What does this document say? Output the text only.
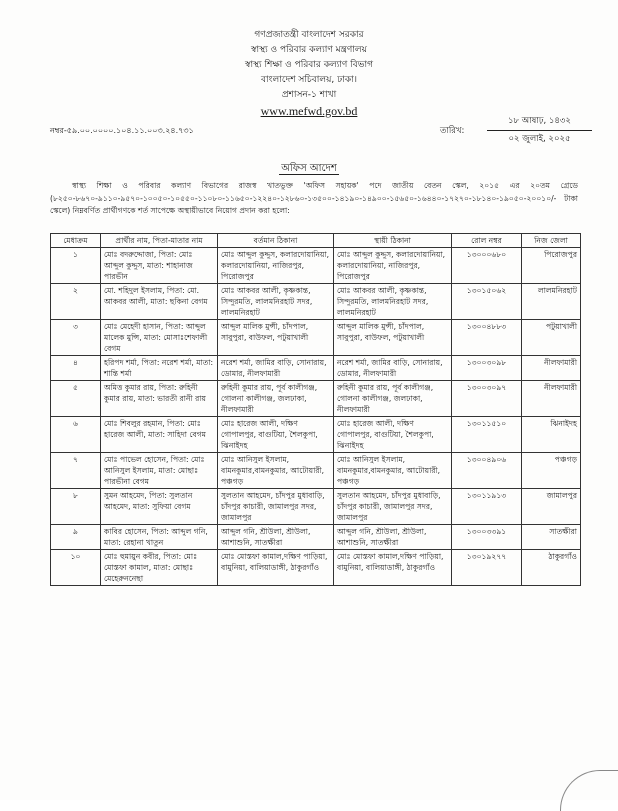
গণপ্রজাতন্ত্রী বাংলাদেশ সরকার
স্বাস্থ্য ও পরিবার কল্যাণ মন্ত্রণালয়
স্বাস্থ্য শিক্ষা ও পরিবার কল্যাণ বিভাগ
বাংলাদেশ সচিবালয়, ঢাকা।
প্রশাসন-১ শাখা
www.mefwd.gov.bd
নম্বর-৫৯.০০.০০০০.১০৪.১১.০০৩.২৪.৭৩১	তারিখ:
১৮ আষাঢ়, ১৪৩২
০২ জুলাই, ২০২৫
অফিস আদেশ
স্বাস্থ্য শিক্ষা ও পরিবার কল্যাণ বিভাগের রাজস্ব খাতভুক্ত 'অফিস সহায়ক' পদে জাতীয় বেতন স্কেল, ২০১৫ এর ২০তম গ্রেডে (৮২৫০-৮৬৭০-৯১১০-৯৫৭০-১০০৫০-১০৫৫০-১১০৮০-১১৬৫০-১২২৪০-১২৮৬০-১৩৫০০-১৪১৯০-১৪৯০০-১৫৬৫০-১৬৪৪০-১৭২৭০-১৮১৪০-১৯০৫০-২০০১০/- টাকা স্কেলে) নিম্নবর্ণিত প্রার্থীগণকে শর্ত সাপেক্ষে অস্থায়ীভাবে নিয়োগ প্রদান করা হলো:
মেধাক্রম	প্রার্থীর নাম, পিতা-মাতার নাম	বর্তমান ঠিকানা	স্থায়ী ঠিকানা	রোল নম্বর	নিজ জেলা
১	মোঃ বদরুদ্দোজা, পিতা: মোঃ আব্দুল কুদ্দুস, মাতা: শাহানাজ পারভীন	মোঃ আব্দুল কুদ্দুস, কলারদোয়ানিয়া, কলারদোয়ানিয়া, নাজিরপুর, পিরোজপুর	মোঃ আব্দুল কুদ্দুস, কলারদোয়ানিয়া, কলারদোয়ানিয়া, নাজিরপুর, পিরোজপুর	১৩০০০৬৮০	পিরোজপুর
২	মো. শহিদুল ইসলাম, পিতা: মো. আকবর আলী, মাতা: ছকিনা বেগম	মোঃ আকবর আলী, কৃষ্ণকান্ত, সিন্দুরমতি, লালমনিরহাট সদর, লালমনিরহাট	মোঃ আকবর আলী, কৃষ্ণকান্ত, সিন্দুরমতি, লালমনিরহাট সদর, লালমনিরহাট	১৩০১৫০৬২	লালমনিরহাট
৩	মোঃ মেহেদী হাসান, পিতা: আব্দুল মালেক মুন্সি, মাতা: মোসাঃশেফালী বেগম	আব্দুল মালিক মুন্সী, চাঁদপাল, সাবুপুরা, বাউফল, পটুয়াখালী	আব্দুল মালিক মুন্সী, চাঁদপাল, সাবুপুরা, বাউফল, পটুয়াখালী	১৩০০৪৮৮৩	পটুয়াখালী
৪	হরিপদ শর্মা, পিতা: নরেশ শর্মা, মাতা: শান্তি শর্মা	নরেশ শর্মা, জামির বাড়ি, সোনারায়, ডোমার, নীলফামারী	নরেশ শর্মা, জামির বাড়ি, সোনারায়, ডোমার, নীলফামারী	১৩০০৩০৯৮	নীলফামারী
৫	অমিত্ত কুমার রায়, পিতা: রুহিনী কুমার রায়, মাতা: ভারতী রানী রায়	রুহিনী কুমার রায়, পূর্ব কালীগঞ্জ, গোলনা কালীগঞ্জ, জলঢাকা, নীলফামারী	রুহিনী কুমার রায়, পূর্ব কালীগঞ্জ, গোলনা কালীগঞ্জ, জলঢাকা, নীলফামারী	১৩০০৩০৯৭	নীলফামারী
৬	মোঃ শিবলুর রহমান, পিতা: মোঃ হারেজ আলী, মাতা: সাহিদা বেগম	মোঃ হারেজ আলী, দক্ষিণ গোপালপুর, বাগুটিয়া, শৈলকুপা, ঝিনাইদহ	মোঃ হারেজ আলী, দক্ষিণ গোপালপুর, বাগুটিয়া, শৈলকুপা, ঝিনাইদহ	১৩০১১৫১০	ঝিনাইদহ
৭	মোঃ পাভেল হোসেন, পিতা: মোঃ আনিসুল ইসলাম, মাতা: মোছাঃ পারভীনা বেগম	মোঃ আনিসুল ইসলাম, বামনকুমার,বামনকুমার, আটোয়ারী, পঞ্চগড়	মোঃ আনিসুল ইসলাম, বামনকুমার,বামনকুমার, আটোয়ারী, পঞ্চগড়	১৩০০৪৯০৬	পঞ্চগড়
৮	সুমন আহমেদ, পিতা: সুলতান আহমেদ, মাতা: সুফিয়া বেগম	সুলতান আহমেদ, চাঁদপুর মুধাবাড়ি, চাঁদপুর কাচারী, জামালপুর সদর, জামালপুর	সুলতান আহমেদ, চাঁদপুর মুধাবাড়ি, চাঁদপুর কাচারী, জামালপুর সদর, জামালপুর	১৩০১১৯১৩	জামালপুর
৯	কাবির হোসেন, পিতা: আব্দুল গনি, মাতা: রেহানা খাতুন	আব্দুল গনি, শ্রীউলা, শ্রীউলা, আশাশুনি, সাতক্ষীরা	আব্দুল গনি, শ্রীউলা, শ্রীউলা, আশাশুনি, সাতক্ষীরা	১৩০০৩৩৯১	সাতক্ষীরা
১০	মোঃ হুমায়ুন কবীর, পিতা: মোঃ মোস্তফা কামাল, মাতা: মোছাঃ মেহেরুননেছা	মোঃ মোস্তফা কামাল,দক্ষিণ পাড়িয়া, বামুনিয়া, বালিয়াডাঙ্গী, ঠাকুরগাঁও	মোঃ মোস্তফা কামাল,দক্ষিণ পাড়িয়া, বামুনিয়া, বালিয়াডাঙ্গী, ঠাকুরগাঁও	১৩০১৯২৭৭	ঠাকুরগাঁও
